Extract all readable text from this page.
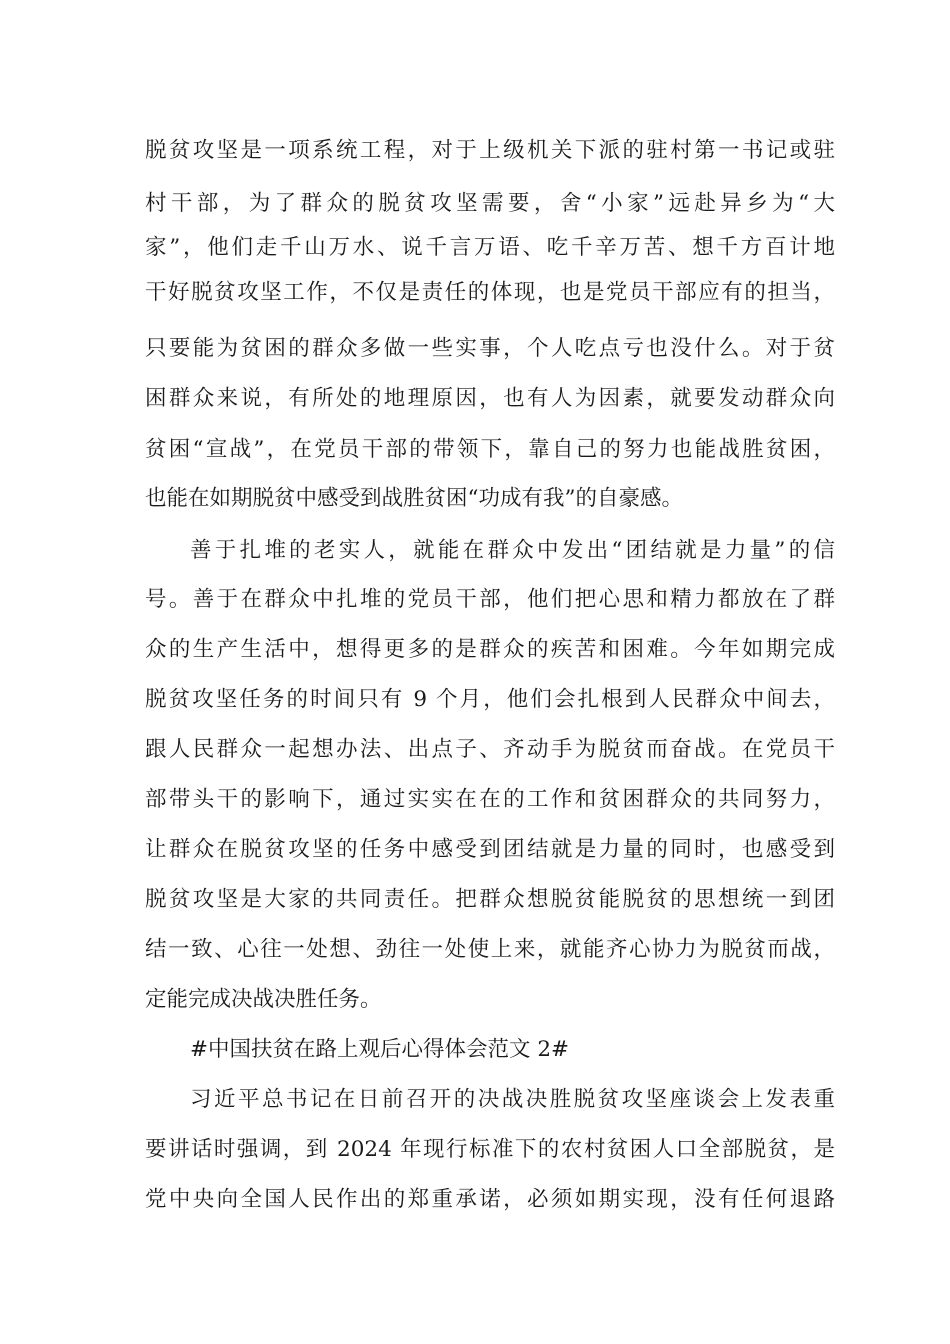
脱贫攻坚是一项系统工程，对于上级机关下派的驻村第一书记或驻

村干部，为了群众的脱贫攻坚需要，舍“小家”远赴异乡为“大

家”，他们走千山万水、说千言万语、吃千辛万苦、想千方百计地

干好脱贫攻坚工作，不仅是责任的体现，也是党员干部应有的担当，

只要能为贫困的群众多做一些实事，个人吃点亏也没什么。对于贫

困群众来说，有所处的地理原因，也有人为因素，就要发动群众向

贫困“宣战”，在党员干部的带领下，靠自己的努力也能战胜贫困，

也能在如期脱贫中感受到战胜贫困“功成有我”的自豪感。

善于扎堆的老实人，就能在群众中发出“团结就是力量”的信

号。善于在群众中扎堆的党员干部，他们把心思和精力都放在了群

众的生产生活中，想得更多的是群众的疾苦和困难。今年如期完成

脱贫攻坚任务的时间只有 9 个月，他们会扎根到人民群众中间去，

跟人民群众一起想办法、出点子、齐动手为脱贫而奋战。在党员干

部带头干的影响下，通过实实在在的工作和贫困群众的共同努力，

让群众在脱贫攻坚的任务中感受到团结就是力量的同时，也感受到

脱贫攻坚是大家的共同责任。把群众想脱贫能脱贫的思想统一到团

结一致、心往一处想、劲往一处使上来，就能齐心协力为脱贫而战，

定能完成决战决胜任务。

#中国扶贫在路上观后心得体会范文 2#

习近平总书记在日前召开的决战决胜脱贫攻坚座谈会上发表重

要讲话时强调，到 2024 年现行标准下的农村贫困人口全部脱贫，是

党中央向全国人民作出的郑重承诺，必须如期实现，没有任何退路
